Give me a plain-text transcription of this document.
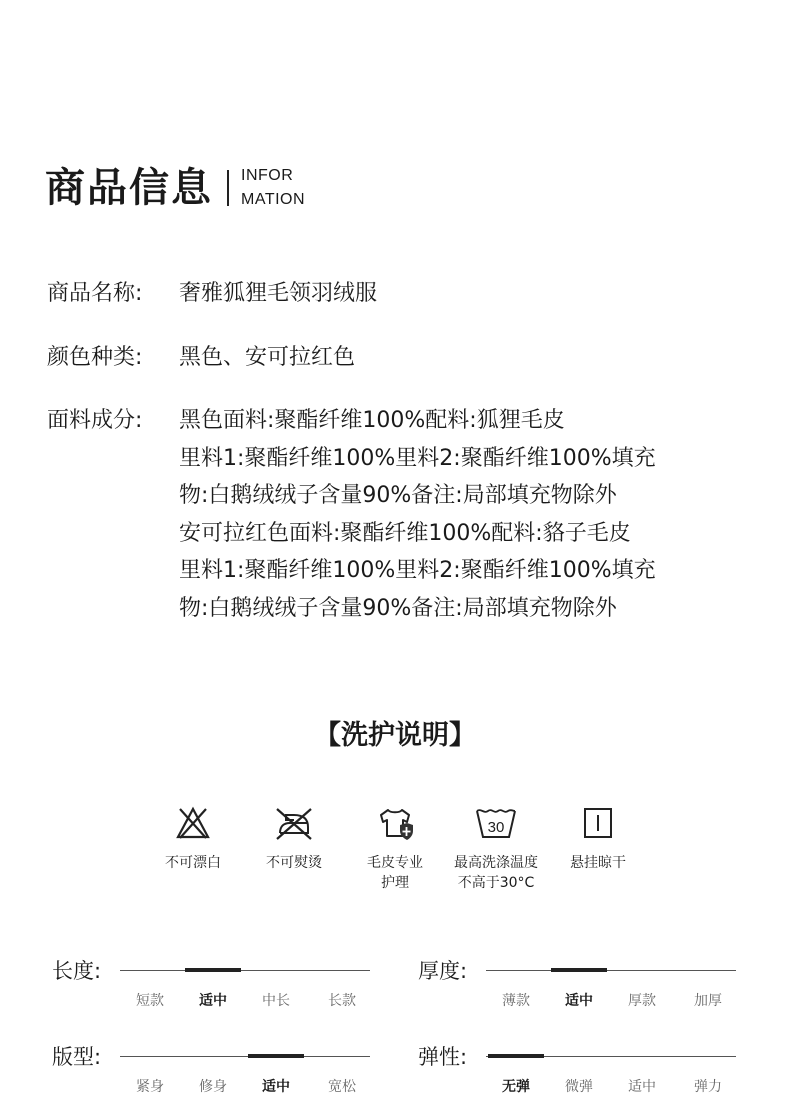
商品信息 INFOR
MATION
商品名称:	奢雅狐狸毛领羽绒服
颜色种类:	黑色、安可拉红色
面料成分:	黑色面料:聚酯纤维100%配料:狐狸毛皮
里料1:聚酯纤维100%里料2:聚酯纤维100%填充
物:白鹅绒绒子含量90%备注:局部填充物除外
安可拉红色面料:聚酯纤维100%配料:貉子毛皮
里料1:聚酯纤维100%里料2:聚酯纤维100%填充
物:白鹅绒绒子含量90%备注:局部填充物除外
【洗护说明】
不可漂白	不可熨烫	毛皮专业
护理
30
最高洗涤温度
不高于30°C
悬挂晾干
长度:
短款	适中	中长	长款
厚度:
薄款	适中	厚款	加厚
版型:
紧身	修身	适中	宽松
弹性:
无弹	微弹	适中	弹力
